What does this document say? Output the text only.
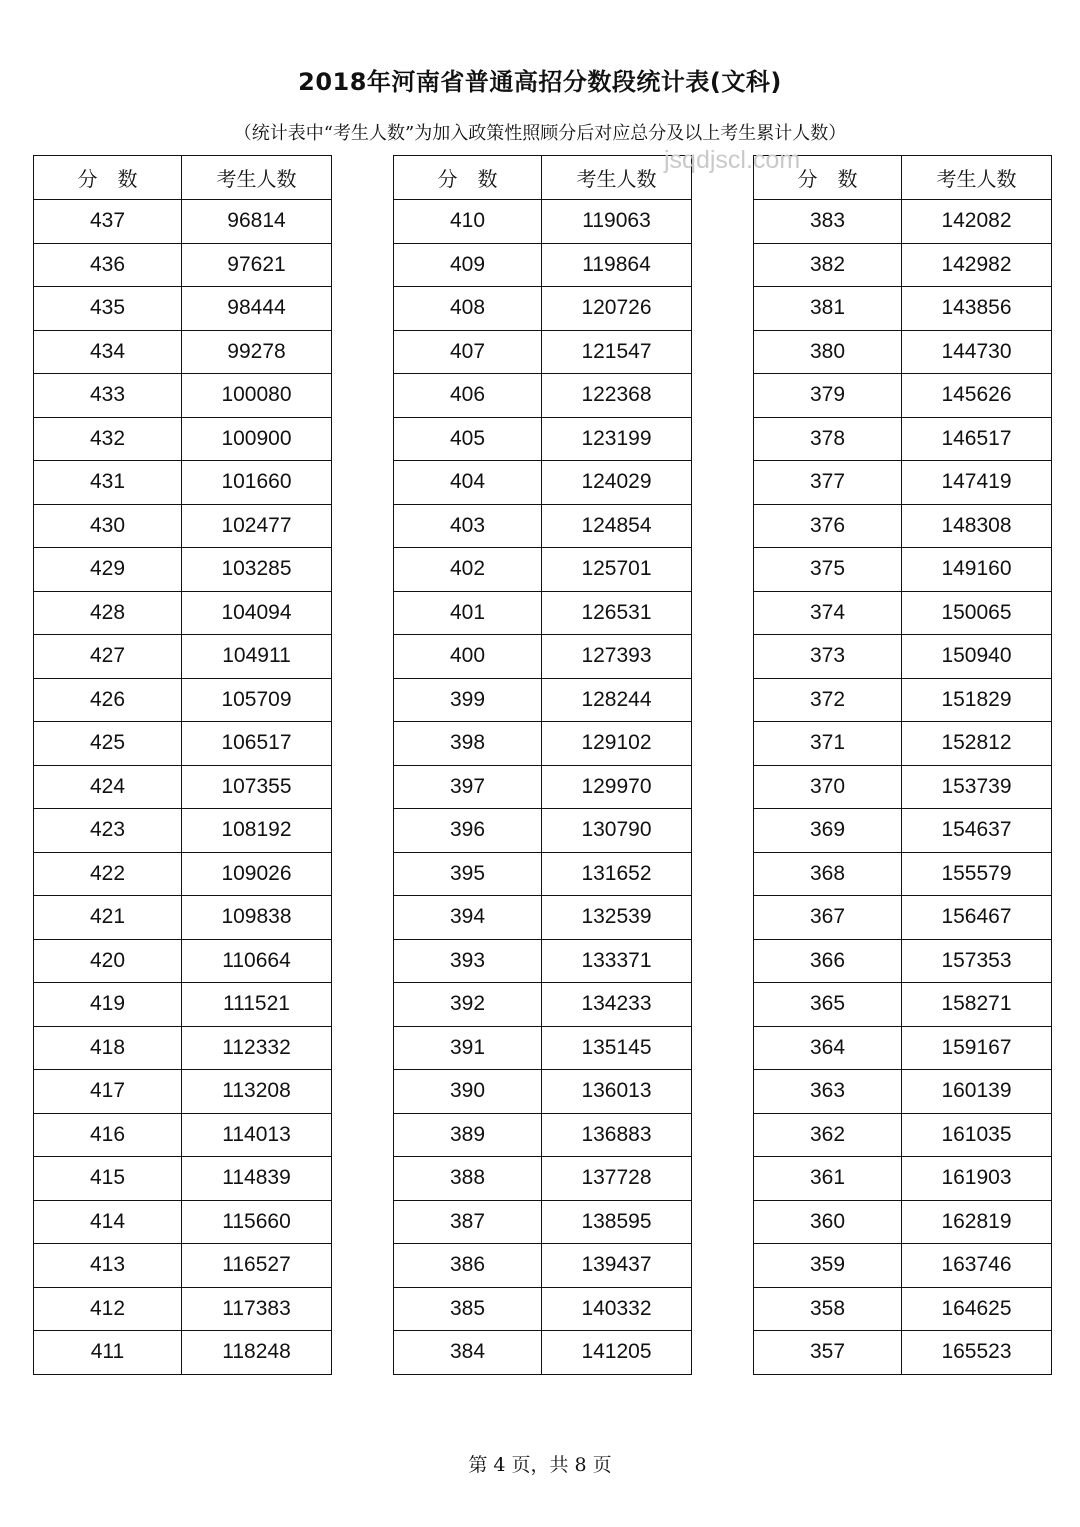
2018年河南省普通高招分数段统计表(文科)
（统计表中“考生人数”为加入政策性照顾分后对应总分及以上考生累计人数）
分　数	考生人数
437	96814
436	97621
435	98444
434	99278
433	100080
432	100900
431	101660
430	102477
429	103285
428	104094
427	104911
426	105709
425	106517
424	107355
423	108192
422	109026
421	109838
420	110664
419	111521
418	112332
417	113208
416	114013
415	114839
414	115660
413	116527
412	117383
411	118248
分　数	考生人数
410	119063
409	119864
408	120726
407	121547
406	122368
405	123199
404	124029
403	124854
402	125701
401	126531
400	127393
399	128244
398	129102
397	129970
396	130790
395	131652
394	132539
393	133371
392	134233
391	135145
390	136013
389	136883
388	137728
387	138595
386	139437
385	140332
384	141205
分　数	考生人数
383	142082
382	142982
381	143856
380	144730
379	145626
378	146517
377	147419
376	148308
375	149160
374	150065
373	150940
372	151829
371	152812
370	153739
369	154637
368	155579
367	156467
366	157353
365	158271
364	159167
363	160139
362	161035
361	161903
360	162819
359	163746
358	164625
357	165523
jsqdjscl.com
第 4 页，共 8 页
